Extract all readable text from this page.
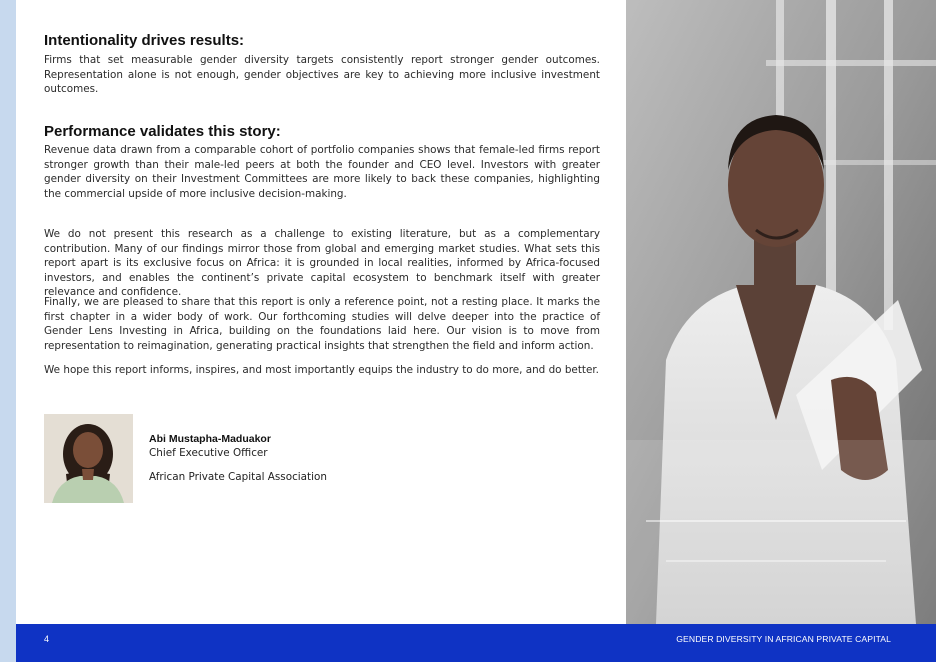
Intentionality drives results:

Firms that set measurable gender diversity targets consistently report stronger gender outcomes. Representation alone is not enough, gender objectives are key to achieving more inclusive investment outcomes.

Performance validates this story:

Revenue data drawn from a comparable cohort of portfolio companies shows that female-led firms report stronger growth than their male-led peers at both the founder and CEO level. Investors with greater gender diversity on their Investment Committees are more likely to back these companies, highlighting the commercial upside of more inclusive decision-making.

We do not present this research as a challenge to existing literature, but as a complementary contribution. Many of our findings mirror those from global and emerging market studies. What sets this report apart is its exclusive focus on Africa: it is grounded in local realities, informed by Africa-focused investors, and enables the continent’s private capital ecosystem to benchmark itself with greater relevance and confidence.

Finally, we are pleased to share that this report is only a reference point, not a resting place. It marks the first chapter in a wider body of work. Our forthcoming studies will delve deeper into the practice of Gender Lens Investing in Africa, building on the foundations laid here. Our vision is to move from representation to reimagination, generating practical insights that strengthen the field and inform action.

We hope this report informs, inspires, and most importantly equips the industry to do more, and do better.

Abi Mustapha-Maduakor
Chief Executive Officer
African Private Capital Association
4	GENDER DIVERSITY IN AFRICAN PRIVATE CAPITAL
